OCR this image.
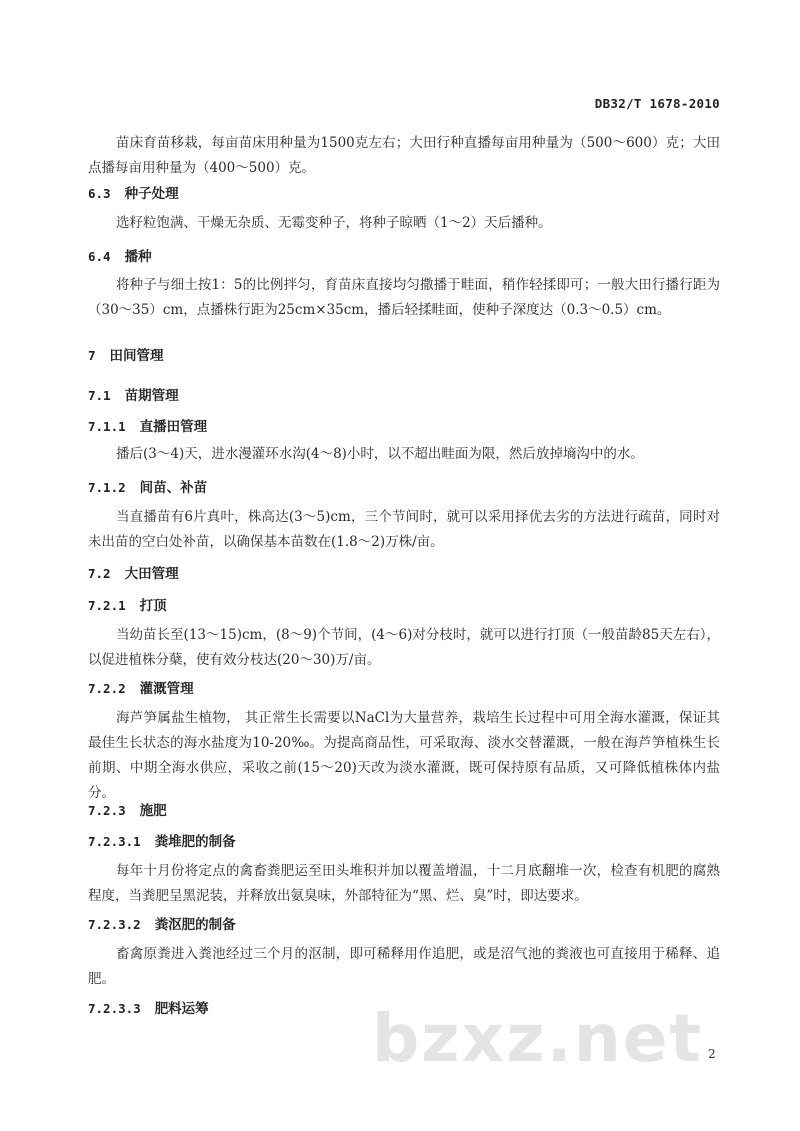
DB32/T 1678-2010

苗床育苗移栽，每亩苗床用种量为1500克左右；大田行种直播每亩用种量为（500～600）克；大田点播每亩用种量为（400～500）克。

6.3 种子处理

选籽粒饱满、干燥无杂质、无霉变种子，将种子晾晒（1～2）天后播种。

6.4 播种

将种子与细土按1：5的比例拌匀，育苗床直接均匀撒播于畦面，稍作轻揉即可；一般大田行播行距为（30～35）cm，点播株行距为25cm×35cm，播后轻揉畦面，使种子深度达（0.3～0.5）cm。

7 田间管理
7.1 苗期管理
7.1.1 直播田管理

播后(3～4)天，进水漫灌环水沟(4～8)小时，以不超出畦面为限，然后放掉墒沟中的水。

7.1.2 间苗、补苗

当直播苗有6片真叶，株高达(3～5)cm，三个节间时，就可以采用择优去劣的方法进行疏苗，同时对未出苗的空白处补苗，以确保基本苗数在(1.8～2)万株/亩。

7.2 大田管理
7.2.1 打顶

当幼苗长至(13～15)cm，(8～9)个节间，(4～6)对分枝时，就可以进行打顶（一般苗龄85天左右），以促进植株分蘖，使有效分枝达(20～30)万/亩。

7.2.2 灌溉管理

海芦笋属盐生植物， 其正常生长需要以NaCl为大量营养，栽培生长过程中可用全海水灌溉，保证其最佳生长状态的海水盐度为10-20‰。为提高商品性，可采取海、淡水交替灌溉，一般在海芦笋植株生长前期、中期全海水供应，采收之前(15～20)天改为淡水灌溉，既可保持原有品质，又可降低植株体内盐分。

7.2.3 施肥
7.2.3.1 粪堆肥的制备

每年十月份将定点的禽畜粪肥运至田头堆积并加以覆盖增温，十二月底翻堆一次，检查有机肥的腐熟程度，当粪肥呈黑泥装，并释放出氨臭味，外部特征为“黑、烂、臭”时，即达要求。

7.2.3.2 粪沤肥的制备

畜禽原粪进入粪池经过三个月的沤制，即可稀释用作追肥，或是沼气池的粪液也可直接用于稀释、追肥。

7.2.3.3 肥料运筹 bzxz.net 2
